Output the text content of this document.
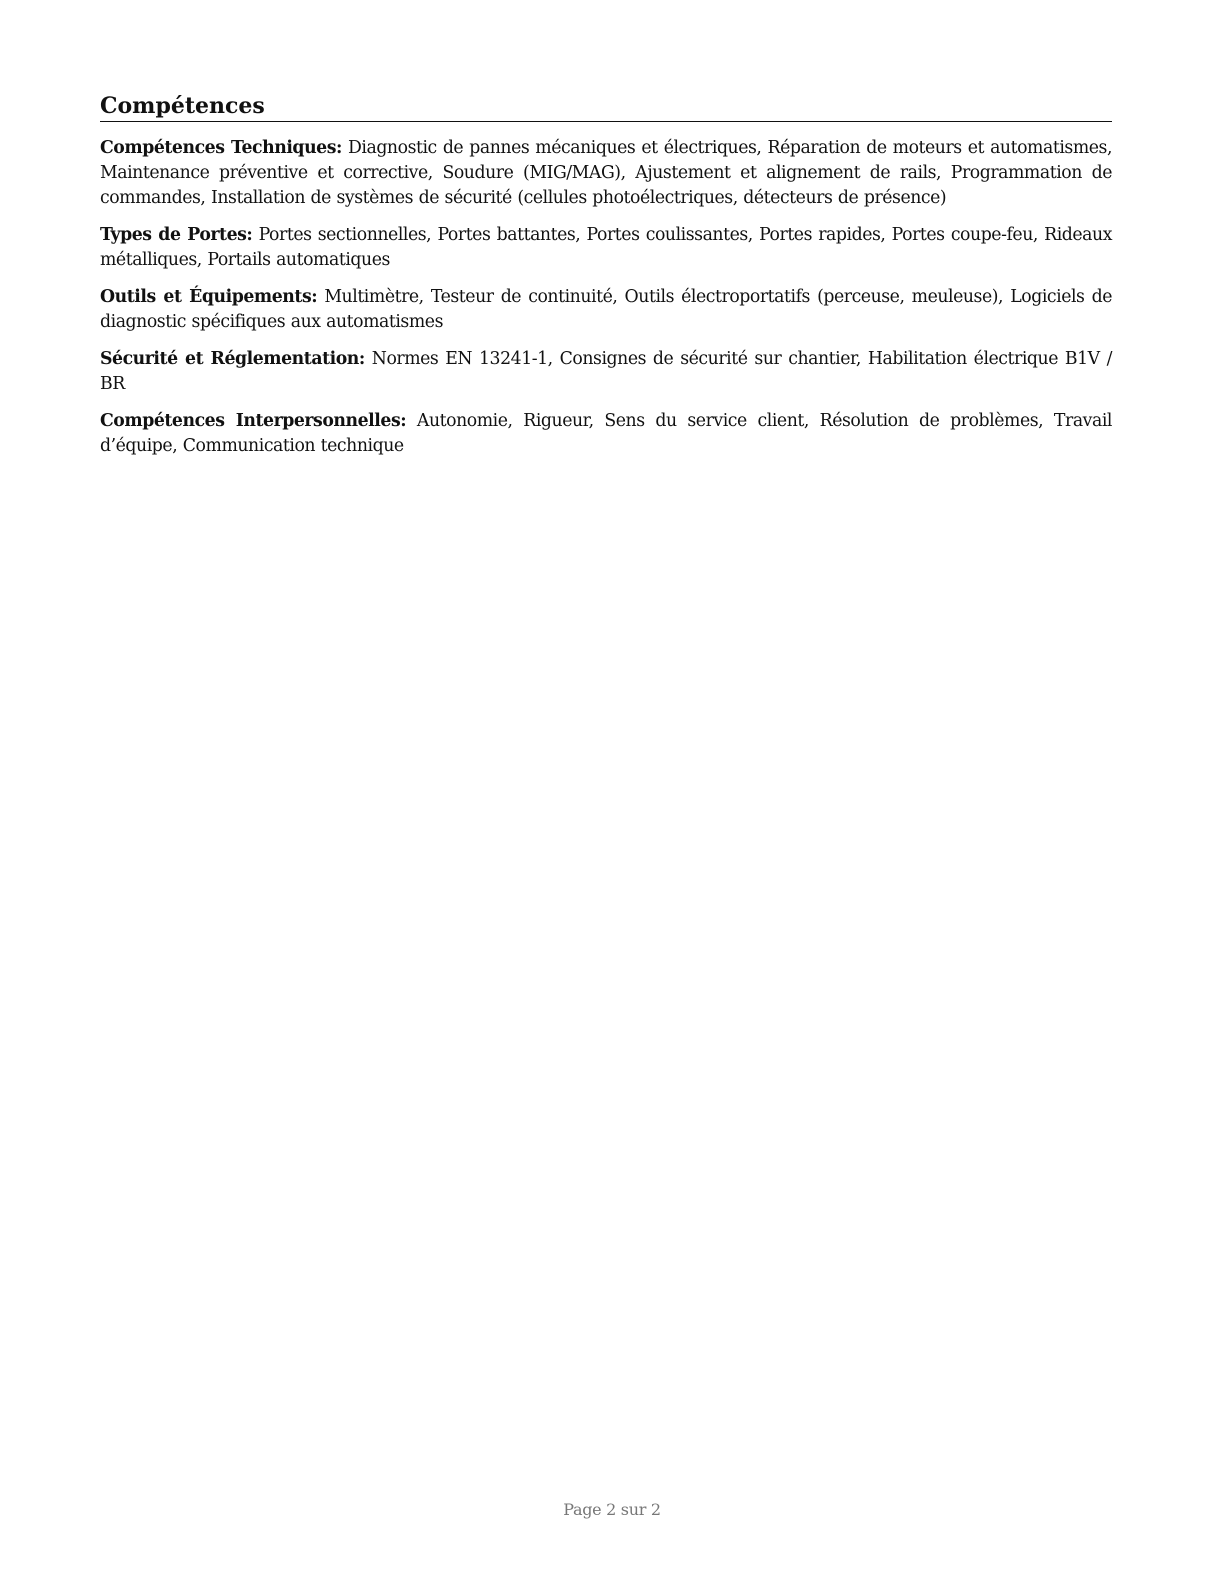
Compétences

Compétences Techniques: Diagnostic de pannes mécaniques et électriques, Réparation de moteurs et automatismes, Maintenance préventive et corrective, Soudure (MIG/MAG), Ajustement et alignement de rails, Programmation de commandes, Installation de systèmes de sécurité (cellules photoélectriques, détecteurs de présence)

Types de Portes: Portes sectionnelles, Portes battantes, Portes coulissantes, Portes rapides, Portes coupe-feu, Rideaux métalliques, Portails automatiques

Outils et Équipements: Multimètre, Testeur de continuité, Outils électroportatifs (perceuse, meuleuse), Logiciels de diagnostic spécifiques aux automatismes

Sécurité et Réglementation: Normes EN 13241-1, Consignes de sécurité sur chantier, Habilitation électrique B1V / BR

Compétences Interpersonnelles: Autonomie, Rigueur, Sens du service client, Résolution de problèmes, Travail d’équipe, Communication technique

Page 2 sur 2
